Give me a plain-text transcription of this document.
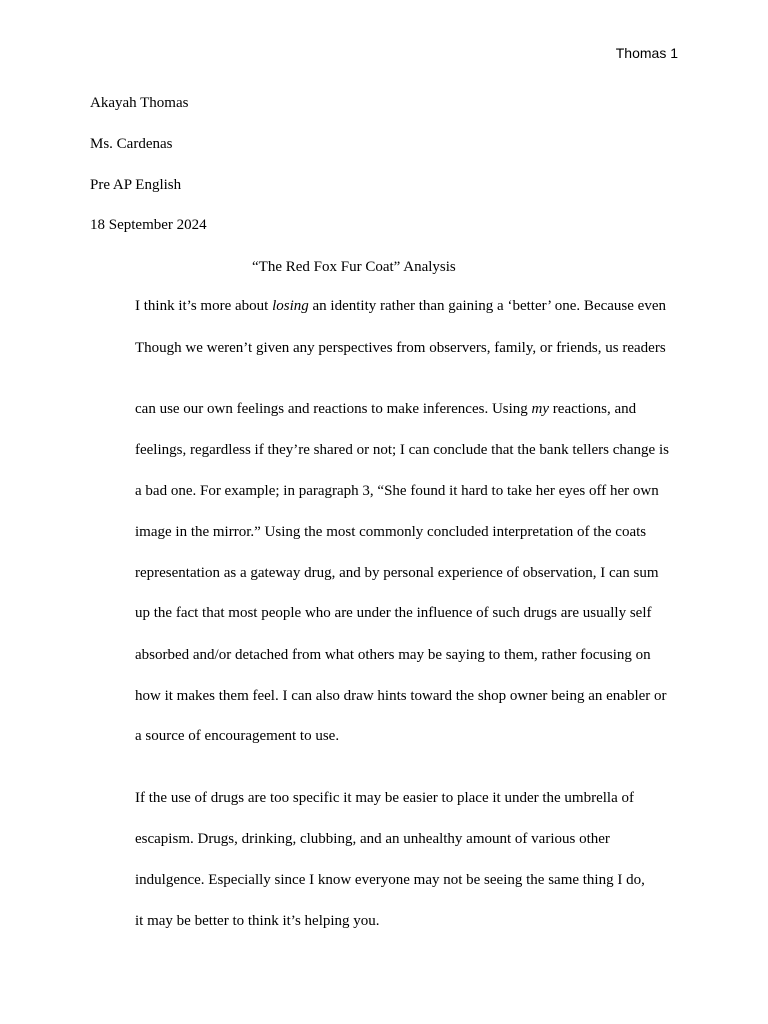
Thomas 1
Akayah Thomas
Ms. Cardenas
Pre AP English
18 September 2024
“The Red Fox Fur Coat” Analysis
I think it’s more about losing an identity rather than gaining a ‘better’ one. Because even
Though we weren’t given any perspectives from observers, family, or friends, us readers
can use our own feelings and reactions to make inferences. Using my reactions, and
feelings, regardless if they’re shared or not; I can conclude that the bank tellers change is
a bad one. For example; in paragraph 3, “She found it hard to take her eyes off her own
image in the mirror.” Using the most commonly concluded interpretation of the coats
representation as a gateway drug, and by personal experience of observation, I can sum
up the fact that most people who are under the influence of such drugs are usually self
absorbed and/or detached from what others may be saying to them, rather focusing on
how it makes them feel. I can also draw hints toward the shop owner being an enabler or
a source of encouragement to use.
If the use of drugs are too specific it may be easier to place it under the umbrella of
escapism. Drugs, drinking, clubbing, and an unhealthy amount of various other
indulgence. Especially since I know everyone may not be seeing the same thing I do,
it may be better to think it’s helping you.
